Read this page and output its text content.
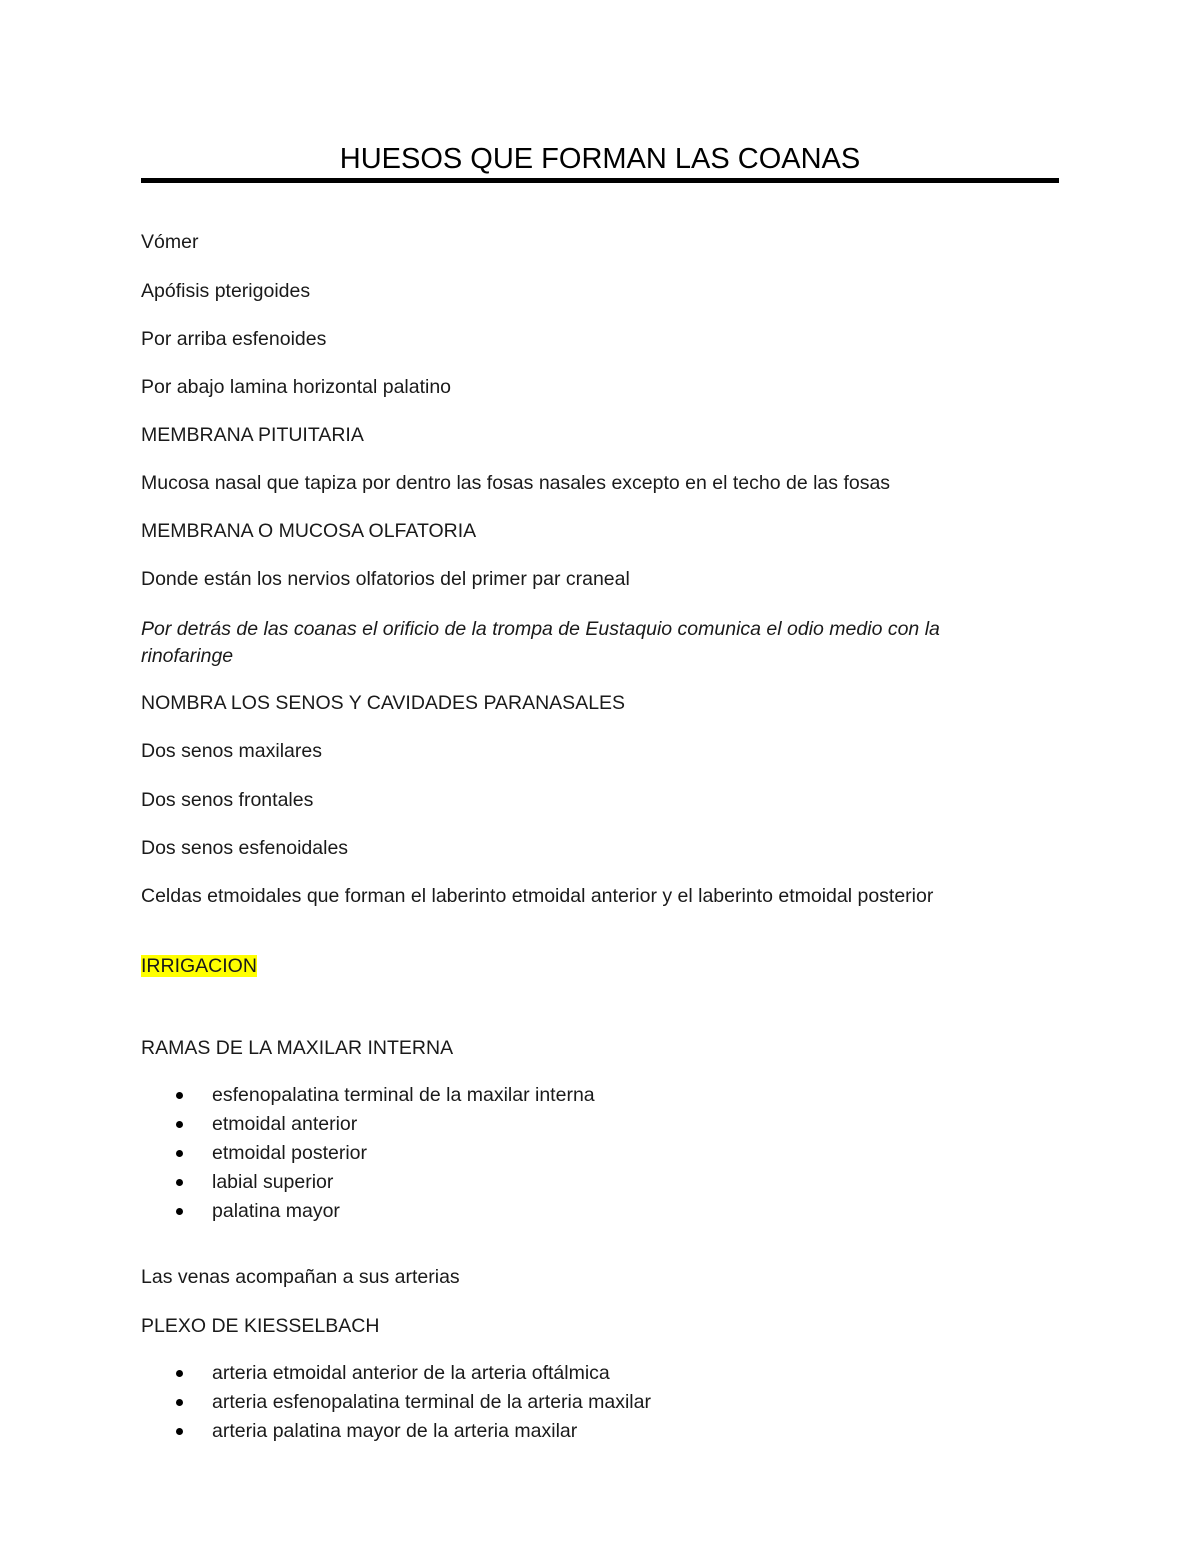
HUESOS QUE FORMAN LAS COANAS
Vómer
Apófisis pterigoides
Por arriba esfenoides
Por abajo lamina horizontal palatino
MEMBRANA PITUITARIA
Mucosa nasal que tapiza por dentro las fosas nasales excepto en el techo de las fosas
MEMBRANA O MUCOSA OLFATORIA
Donde están los nervios olfatorios del primer par craneal
Por detrás de las coanas el orificio de la trompa de Eustaquio comunica el odio medio con la rinofaringe
NOMBRA LOS SENOS Y CAVIDADES PARANASALES
Dos senos maxilares
Dos senos frontales
Dos senos esfenoidales
Celdas etmoidales que forman el laberinto etmoidal anterior y el laberinto etmoidal posterior
IRRIGACION
RAMAS DE LA MAXILAR INTERNA
esfenopalatina terminal de la maxilar interna
etmoidal anterior
etmoidal posterior
labial superior
palatina mayor
Las venas acompañan a sus arterias
PLEXO DE KIESSELBACH
arteria etmoidal anterior de la arteria oftálmica
arteria esfenopalatina terminal de la arteria maxilar
arteria palatina mayor de la arteria maxilar
